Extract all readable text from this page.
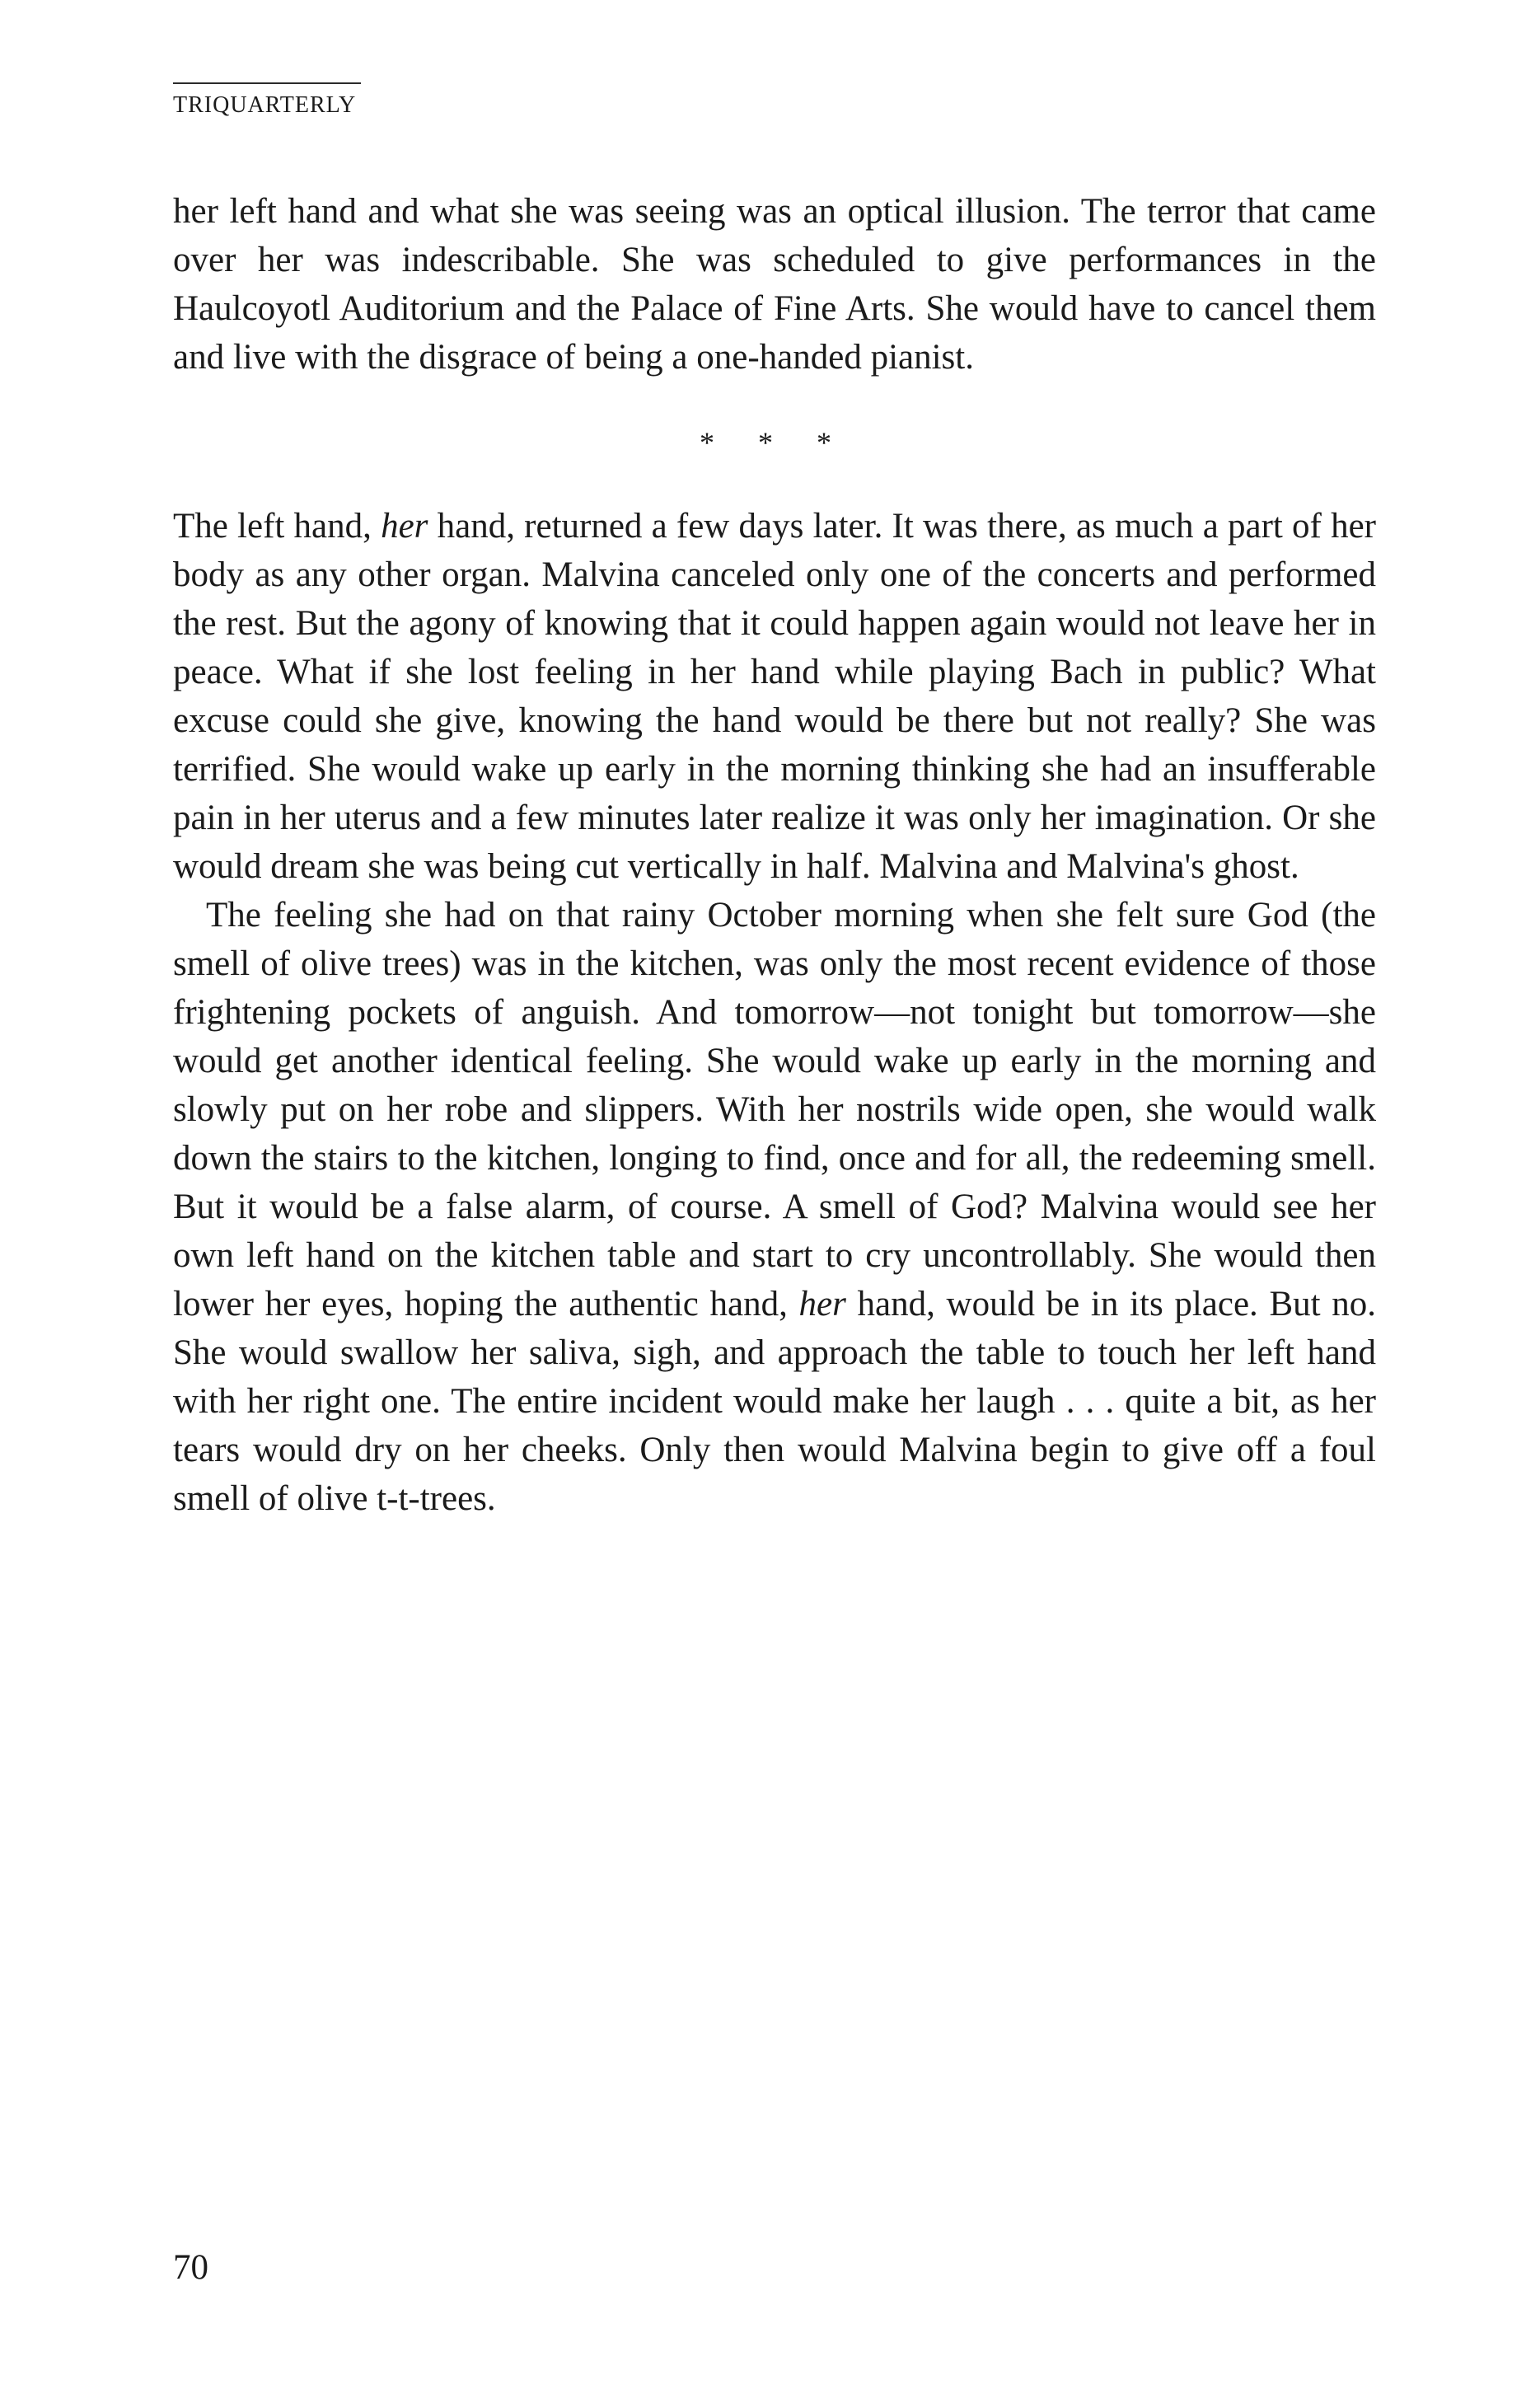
TRIQUARTERLY

her left hand and what she was seeing was an optical illusion. The terror that came over her was indescribable. She was scheduled to give performances in the Haulcoyotl Auditorium and the Palace of Fine Arts. She would have to cancel them and live with the disgrace of being a one-handed pianist.

* * *

The left hand, her hand, returned a few days later. It was there, as much a part of her body as any other organ. Malvina canceled only one of the concerts and performed the rest. But the agony of knowing that it could happen again would not leave her in peace. What if she lost feeling in her hand while playing Bach in public? What excuse could she give, knowing the hand would be there but not really? She was terrified. She would wake up early in the morning thinking she had an insufferable pain in her uterus and a few minutes later realize it was only her imagination. Or she would dream she was being cut vertically in half. Malvina and Malvina's ghost.

The feeling she had on that rainy October morning when she felt sure God (the smell of olive trees) was in the kitchen, was only the most recent evidence of those frightening pockets of anguish. And tomorrow—not tonight but tomorrow—she would get another identical feeling. She would wake up early in the morning and slowly put on her robe and slippers. With her nostrils wide open, she would walk down the stairs to the kitchen, longing to find, once and for all, the redeeming smell. But it would be a false alarm, of course. A smell of God? Malvina would see her own left hand on the kitchen table and start to cry uncontrollably. She would then lower her eyes, hoping the authentic hand, her hand, would be in its place. But no. She would swallow her saliva, sigh, and approach the table to touch her left hand with her right one. The entire incident would make her laugh . . . quite a bit, as her tears would dry on her cheeks. Only then would Malvina begin to give off a foul smell of olive t-t-trees.

70
